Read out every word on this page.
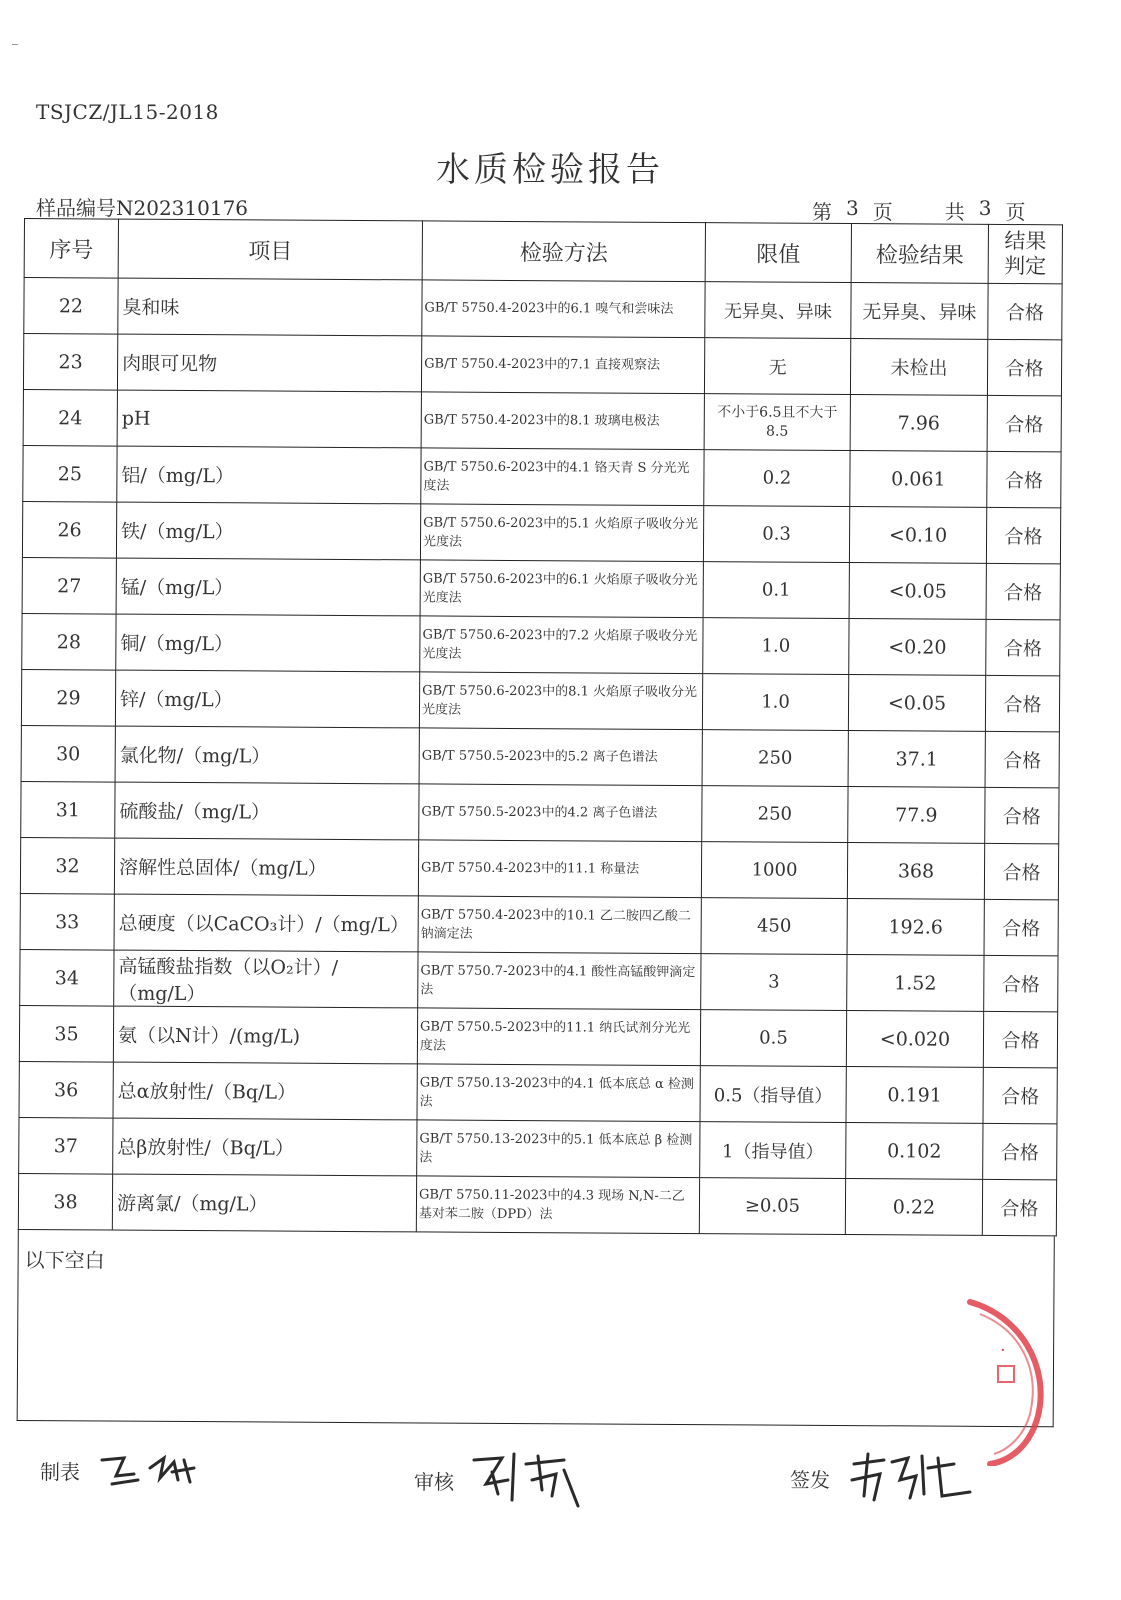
TSJCZ/JL15-2018
水质检验报告
样品编号N202310176	第 3 页	共 3 页
序号	项目	检验方法	限值	检验结果	结果
判定

22	臭和味	GB/T 5750.4-2023中的6.1 嗅气和尝味法	无异臭、异味	无异臭、异味	合格
23	肉眼可见物	GB/T 5750.4-2023中的7.1 直接观察法	无	未检出	合格
24	pH	GB/T 5750.4-2023中的8.1 玻璃电极法	不小于6.5且不大于8.5	7.96	合格
25	铝/（mg/L）	GB/T 5750.6-2023中的4.1 铬天青 S 分光光度法	0.2	0.061	合格
26	铁/（mg/L）	GB/T 5750.6-2023中的5.1 火焰原子吸收分光光度法	0.3	<0.10	合格
27	锰/（mg/L）	GB/T 5750.6-2023中的6.1 火焰原子吸收分光光度法	0.1	<0.05	合格
28	铜/（mg/L）	GB/T 5750.6-2023中的7.2 火焰原子吸收分光光度法	1.0	<0.20	合格
29	锌/（mg/L）	GB/T 5750.6-2023中的8.1 火焰原子吸收分光光度法	1.0	<0.05	合格
30	氯化物/（mg/L）	GB/T 5750.5-2023中的5.2 离子色谱法	250	37.1	合格
31	硫酸盐/（mg/L）	GB/T 5750.5-2023中的4.2 离子色谱法	250	77.9	合格
32	溶解性总固体/（mg/L）	GB/T 5750.4-2023中的11.1 称量法	1000	368	合格
33	总硬度（以CaCO₃计）/（mg/L）	GB/T 5750.4-2023中的10.1 乙二胺四乙酸二钠滴定法	450	192.6	合格
34	高锰酸盐指数（以O₂计）/（mg/L）	GB/T 5750.7-2023中的4.1 酸性高锰酸钾滴定法	3	1.52	合格
35	氨（以N计）/(mg/L)	GB/T 5750.5-2023中的11.1 纳氏试剂分光光度法	0.5	<0.020	合格
36	总α放射性/（Bq/L）	GB/T 5750.13-2023中的4.1 低本底总 α 检测法	0.5（指导值）	0.191	合格
37	总β放射性/（Bq/L）	GB/T 5750.13-2023中的5.1 低本底总 β 检测法	1（指导值）	0.102	合格
38	游离氯/（mg/L）	GB/T 5750.11-2023中的4.3 现场 N,N-二乙基对苯二胺（DPD）法	≥0.05	0.22	合格
以下空白
·
制表	审核	签发
